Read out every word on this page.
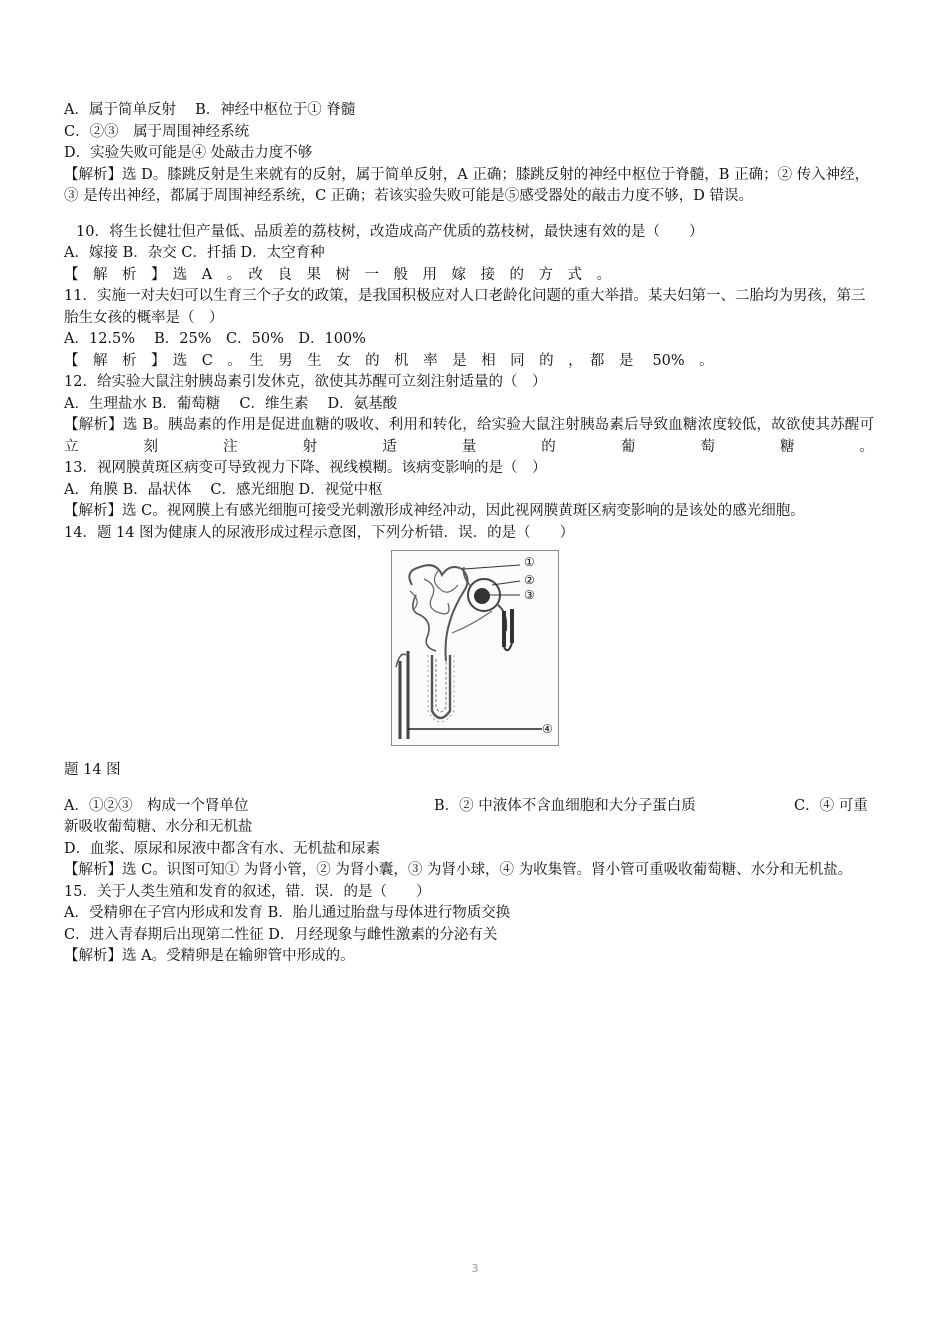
A．属于简单反射　 B．神经中枢位于① 脊髓

C．②③　属于周围神经系统

D．实验失败可能是④ 处敲击力度不够

【解析】选 D。膝跳反射是生来就有的反射，属于简单反射，A 正确；膝跳反射的神经中枢位于脊髓，B 正确；② 传入神经，③ 是传出神经，都属于周围神经系统，C 正确；若该实验失败可能是⑤感受器处的敲击力度不够，D 错误。

10．将生长健壮但产量低、品质差的荔枝树，改造成高产优质的荔枝树，最快速有效的是（　　）

A．嫁接 B．杂交 C．扦插 D．太空育种

【　解　析　】　选　A　。　改　良　果　树　一　般　用　嫁　接　的　方　式　。

11．实施一对夫妇可以生育三个子女的政策，是我国积极应对人口老龄化问题的重大举措。某夫妇第一、二胎均为男孩，第三胎生女孩的概率是（　）

A．12.5%　 B．25%　C．50%　D．100%

【　解　析　】　选　C　。　生　男　生　女　的　机　率　是　相　同　的　，　都　是　 50%　。

12．给实验大鼠注射胰岛素引发休克，欲使其苏醒可立刻注射适量的（　）

A．生理盐水 B．葡萄糖　 C．维生素　 D．氨基酸

【解析】选 B。胰岛素的作用是促进血糖的吸收、利用和转化，给实验大鼠注射胰岛素后导致血糖浓度较低，故欲使其苏醒可立刻注射适量的葡萄糖。

13．视网膜黄斑区病变可导致视力下降、视线模糊。该病变影响的是（　）

A．角膜 B．晶状体　 C．感光细胞 D．视觉中枢

【解析】选 C。视网膜上有感光细胞可接受光刺激形成神经冲动，因此视网膜黄斑区病变影响的是该处的感光细胞。

14．题 14 图为健康人的尿液形成过程示意图，下列分析错．误．的是（　　）

①
②
③
④

题 14 图

A．①②③　构成一个肾单位	B．② 中液体不含血细胞和大分子蛋白质	C．④ 可重

新吸收葡萄糖、水分和无机盐

D．血浆、原尿和尿液中都含有水、无机盐和尿素

【解析】选 C。识图可知① 为肾小管，② 为肾小囊，③ 为肾小球，④ 为收集管。肾小管可重吸收葡萄糖、水分和无机盐。

15．关于人类生殖和发育的叙述，错．误．的是（　　）

A．受精卵在子宫内形成和发育 B．胎儿通过胎盘与母体进行物质交换

C．进入青春期后出现第二性征 D．月经现象与雌性激素的分泌有关

【解析】选 A。受精卵是在输卵管中形成的。

3
